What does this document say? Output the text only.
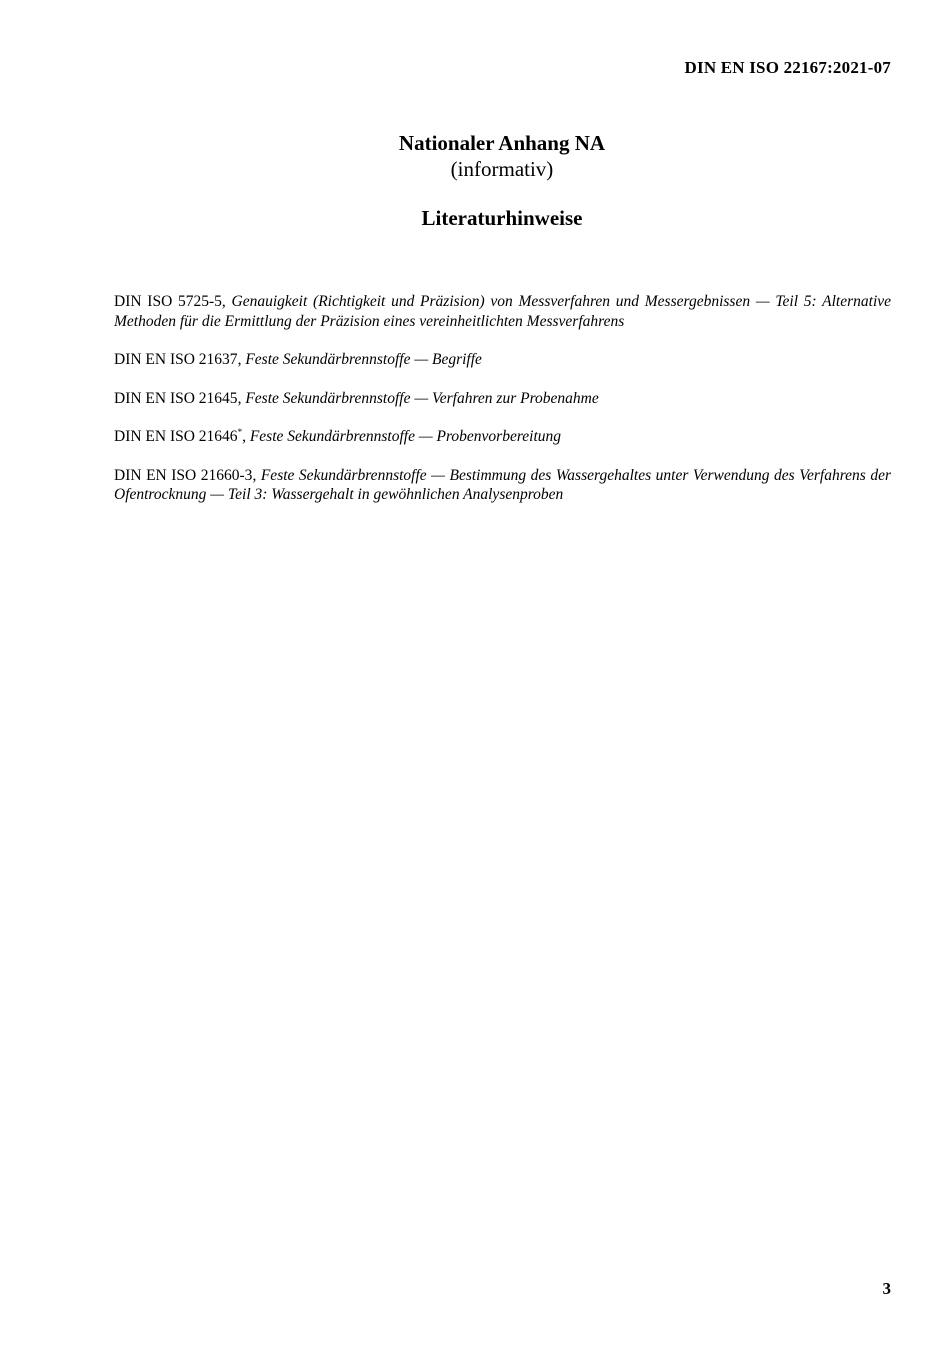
DIN EN ISO 22167:2021-07
Nationaler Anhang NA
(informativ)
Literaturhinweise

DIN ISO 5725-5, Genauigkeit (Richtigkeit und Präzision) von Messverfahren und Messergebnissen — Teil 5: Alternative Methoden für die Ermittlung der Präzision eines vereinheitlichten Messverfahrens

DIN EN ISO 21637, Feste Sekundärbrennstoffe — Begriffe

DIN EN ISO 21645, Feste Sekundärbrennstoffe — Verfahren zur Probenahme

DIN EN ISO 21646*, Feste Sekundärbrennstoffe — Probenvorbereitung

DIN EN ISO 21660-3, Feste Sekundärbrennstoffe — Bestimmung des Wassergehaltes unter Verwendung des Verfahrens der Ofentrocknung — Teil 3: Wassergehalt in gewöhnlichen Analysenproben

3
